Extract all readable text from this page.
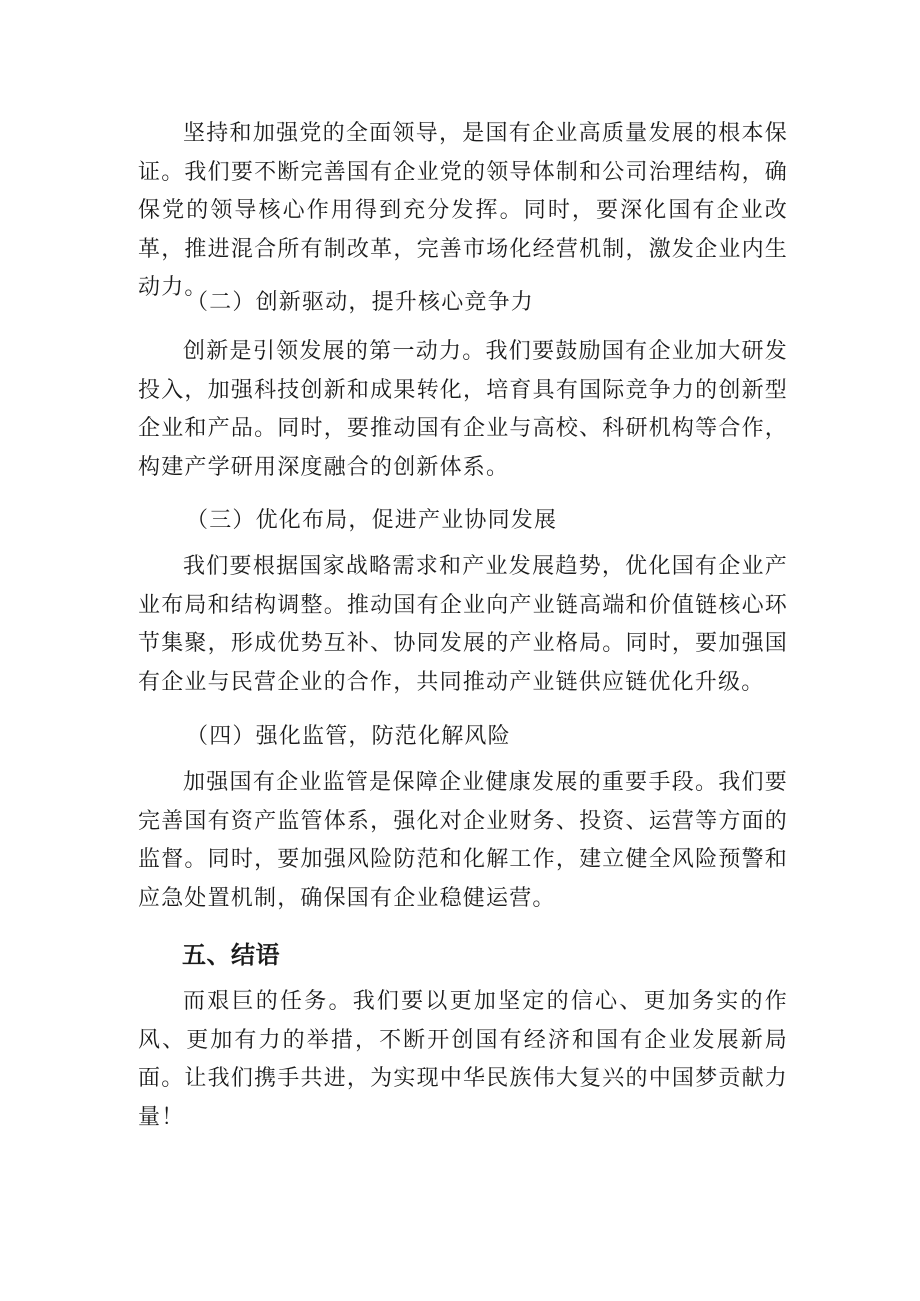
坚持和加强党的全面领导，是国有企业高质量发展的根本保证。我们要不断完善国有企业党的领导体制和公司治理结构，确保党的领导核心作用得到充分发挥。同时，要深化国有企业改革，推进混合所有制改革，完善市场化经营机制，激发企业内生动力。

（二）创新驱动，提升核心竞争力

创新是引领发展的第一动力。我们要鼓励国有企业加大研发投入，加强科技创新和成果转化，培育具有国际竞争力的创新型企业和产品。同时，要推动国有企业与高校、科研机构等合作，构建产学研用深度融合的创新体系。

（三）优化布局，促进产业协同发展

我们要根据国家战略需求和产业发展趋势，优化国有企业产业布局和结构调整。推动国有企业向产业链高端和价值链核心环节集聚，形成优势互补、协同发展的产业格局。同时，要加强国有企业与民营企业的合作，共同推动产业链供应链优化升级。

（四）强化监管，防范化解风险

加强国有企业监管是保障企业健康发展的重要手段。我们要完善国有资产监管体系，强化对企业财务、投资、运营等方面的监督。同时，要加强风险防范和化解工作，建立健全风险预警和应急处置机制，确保国有企业稳健运营。

五、结语

而艰巨的任务。我们要以更加坚定的信心、更加务实的作风、更加有力的举措，不断开创国有经济和国有企业发展新局面。让我们携手共进，为实现中华民族伟大复兴的中国梦贡献力量！
